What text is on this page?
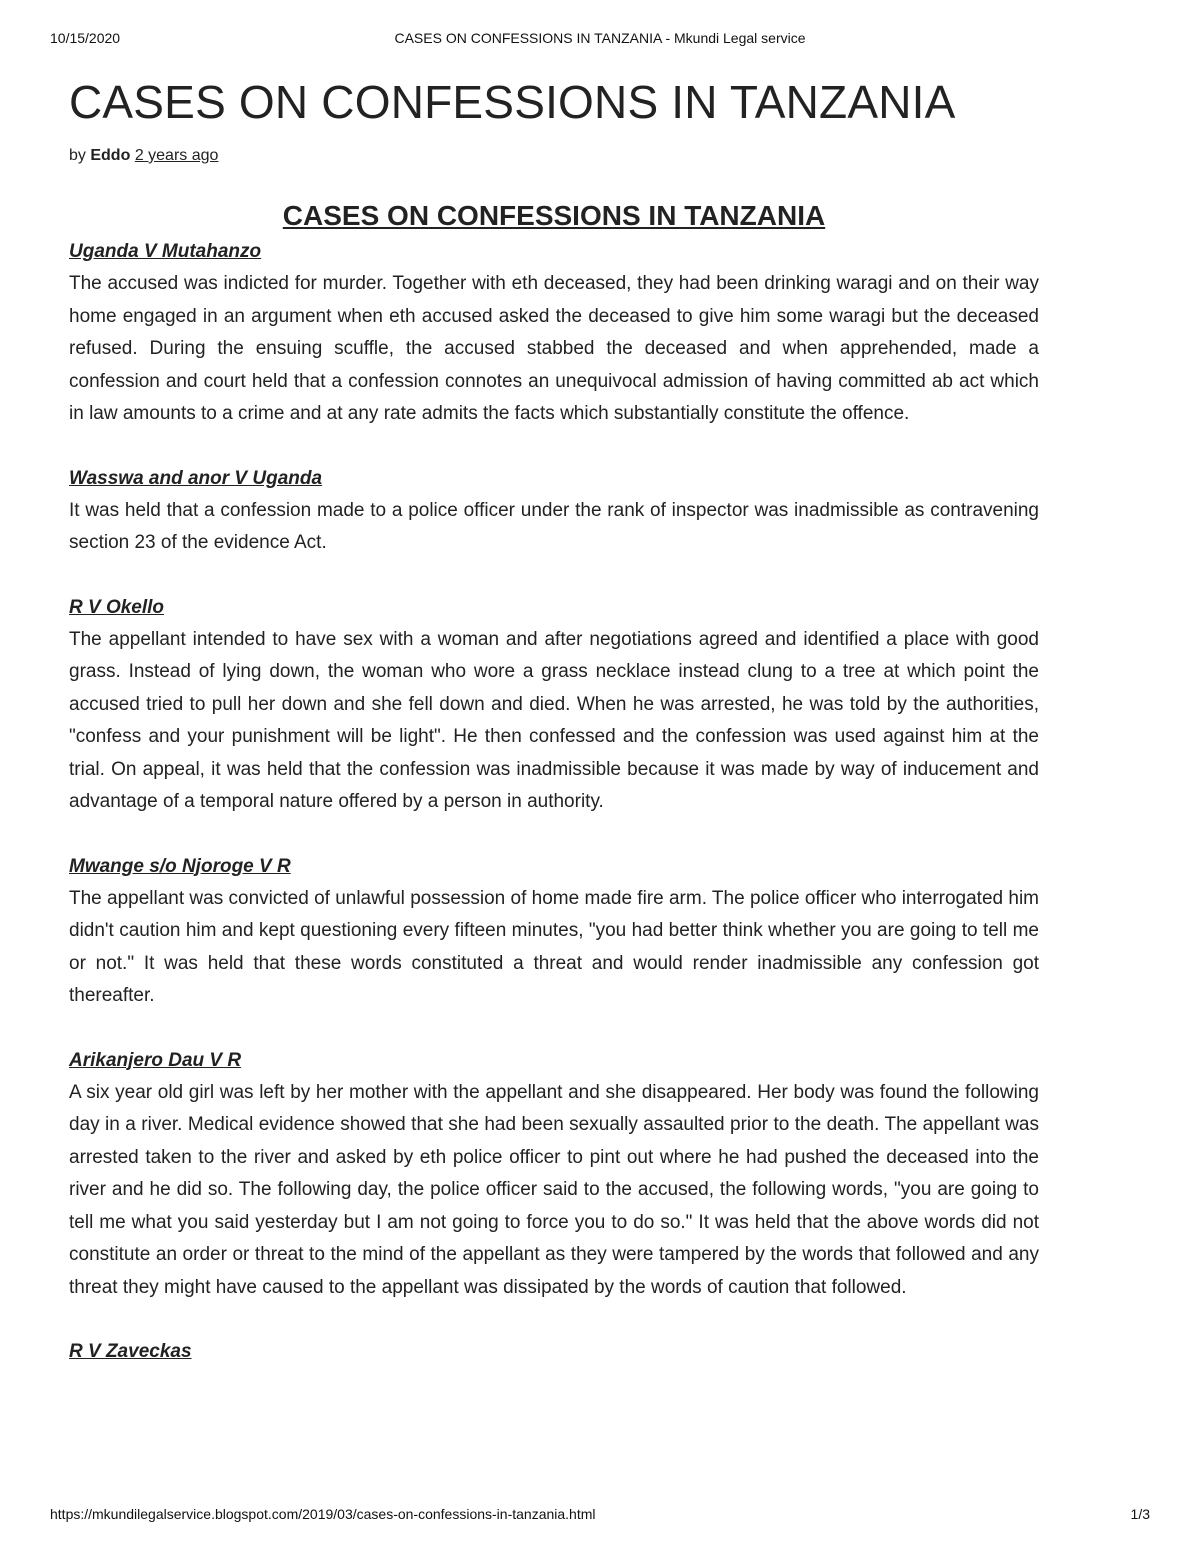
10/15/2020	CASES ON CONFESSIONS IN TANZANIA - Mkundi Legal service
CASES ON CONFESSIONS IN TANZANIA
by Eddo 2 years ago
CASES ON CONFESSIONS IN TANZANIA
Uganda V Mutahanzo

The accused was indicted for murder. Together with eth deceased, they had been drinking waragi and on their way home engaged in an argument when eth accused asked the deceased to give him some waragi but the deceased refused. During the ensuing scuffle, the accused stabbed the deceased and when apprehended, made a confession and court held that a confession connotes an unequivocal admission of having committed ab act which in law amounts to a crime and at any rate admits the facts which substantially constitute the offence.

Wasswa and anor V Uganda

It was held that a confession made to a police officer under the rank of inspector was inadmissible as contravening section 23 of the evidence Act.

R V Okello

The appellant intended to have sex with a woman and after negotiations agreed and identified a place with good grass. Instead of lying down, the woman who wore a grass necklace instead clung to a tree at which point the accused tried to pull her down and she fell down and died. When he was arrested, he was told by the authorities, "confess and your punishment will be light". He then confessed and the confession was used against him at the trial. On appeal, it was held that the confession was inadmissible because it was made by way of inducement and advantage of a temporal nature offered by a person in authority.

Mwange s/o Njoroge V R

The appellant was convicted of unlawful possession of home made fire arm. The police officer who interrogated him didn't caution him and kept questioning every fifteen minutes, "you had better think whether you are going to tell me or not." It was held that these words constituted a threat and would render inadmissible any confession got thereafter.

Arikanjero Dau V R

A six year old girl was left by her mother with the appellant and she disappeared. Her body was found the following day in a river. Medical evidence showed that she had been sexually assaulted prior to the death. The appellant was arrested taken to the river and asked by eth police officer to pint out where he had pushed the deceased into the river and he did so. The following day, the police officer said to the accused, the following words, "you are going to tell me what you said yesterday but I am not going to force you to do so." It was held that the above words did not constitute an order or threat to the mind of the appellant as they were tampered by the words that followed and any threat they might have caused to the appellant was dissipated by the words of caution that followed.

R V Zaveckas

https://mkundilegalservice.blogspot.com/2019/03/cases-on-confessions-in-tanzania.html	1/3
